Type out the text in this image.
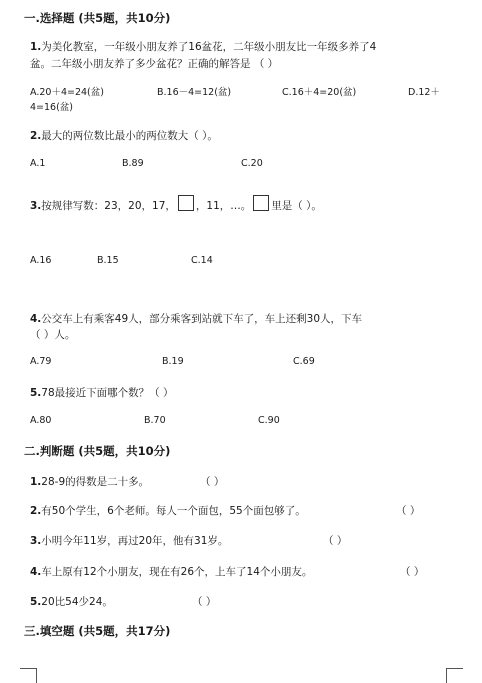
一.选择题 (共5题，共10分)
1.为美化教室，一年级小朋友养了16盆花，二年级小朋友比一年级多养了4
盆。二年级小朋友养了多少盆花？正确的解答是 （ ）
A.20＋4=24(盆)	B.16－4=12(盆)	C.16＋4=20(盆)	D.12＋
4=16(盆)
2.最大的两位数比最小的两位数大（ ）。
A.1	B.89	C.20
3.按规律写数：23，20，17， ，11，…。 里是（ ）。
A.16	B.15	C.14
4.公交车上有乘客49人，部分乘客到站就下车了，车上还剩30人，下车
（ ）人。
A.79	B.19	C.69
5.78最接近下面哪个数？（ ）
A.80	B.70	C.90
二.判断题 (共5题，共10分)
1.28-9的得数是二十多。	（ ）
2.有50个学生，6个老师。每人一个面包，55个面包够了。	（ ）
3.小明今年11岁，再过20年，他有31岁。	（ ）
4.车上原有12个小朋友，现在有26个，上车了14个小朋友。	（ ）
5.20比54少24。	（ ）
三.填空题 (共5题，共17分)
